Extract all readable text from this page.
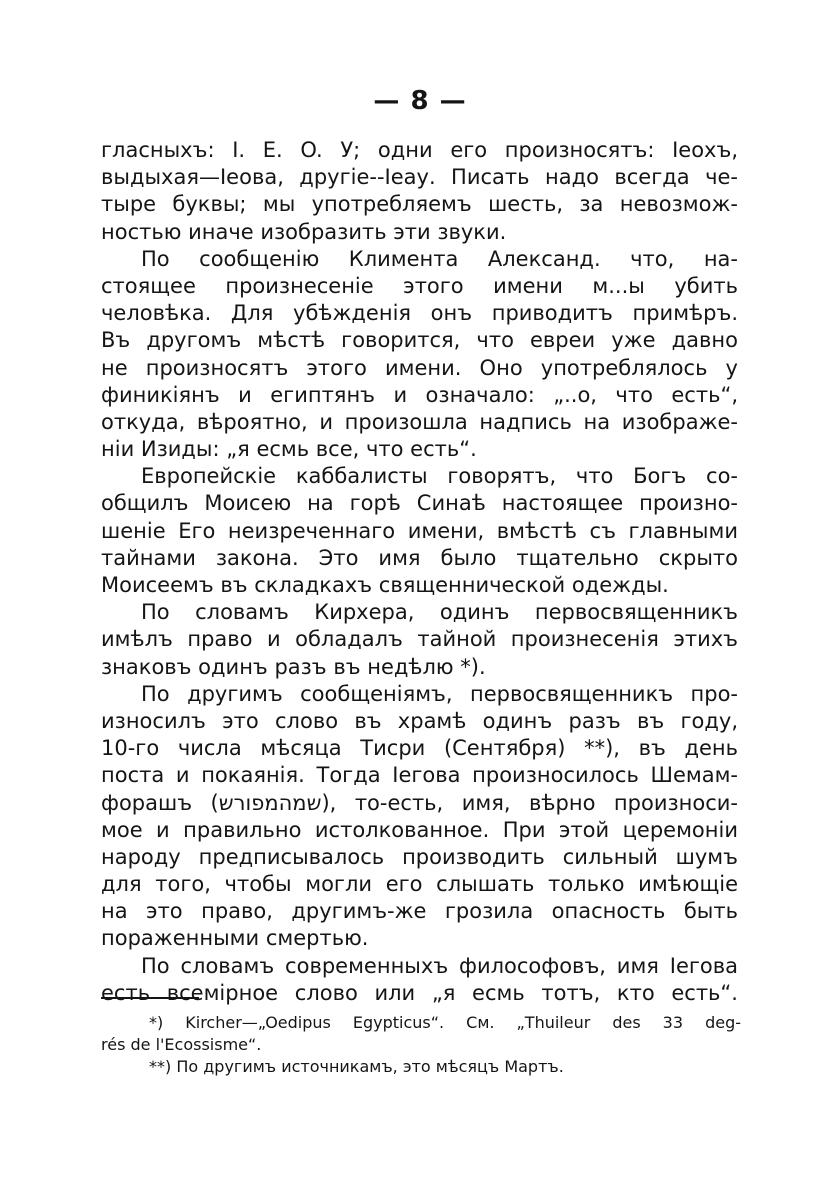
— 8 —
гласныхъ: I. E. O. У; одни его произносятъ: Іеохъ,
выдыхая—Іеова, другіе--Іеау. Писать надо всегда че-
тыре буквы; мы употребляемъ шесть, за невозмож-
ностью иначе изобразить эти звуки.
По сообщенію Климента Александ. что, на-
стоящее произнесеніе этого имени м...ы убить
человѣка. Для убѣжденія онъ приводитъ примѣръ.
Въ другомъ мѣстѣ говорится, что евреи уже давно
не произносятъ этого имени. Оно употреблялось у
финикіянъ и египтянъ и означало: „..о, что есть“,
откуда, вѣроятно, и произошла надпись на изображе-
ніи Изиды: „я есмь все, что есть“.
Европейскіе каббалисты говорятъ, что Богъ со-
общилъ Моисею на горѣ Синаѣ настоящее произно-
шеніе Его неизреченнаго имени, вмѣстѣ съ главными
тайнами закона. Это имя было тщательно скрыто
Моисеемъ въ складкахъ священнической одежды.
По словамъ Кирхера, одинъ первосвященникъ
имѣлъ право и обладалъ тайной произнесенія этихъ
знаковъ одинъ разъ въ недѣлю *).
По другимъ сообщеніямъ, первосвященникъ про-
износилъ это слово въ храмѣ одинъ разъ въ году,
10-го числа мѣсяца Тисри (Сентября) **), въ день
поста и покаянія. Тогда Іегова произносилось Шемам-
форашъ (שמהמפורש), то-есть, имя, вѣрно произноси-
мое и правильно истолкованное. При этой церемоніи
народу предписывалось производить сильный шумъ
для того, чтобы могли его слышать только имѣющіе
на это право, другимъ-же грозила опасность быть
пораженными смертью.
По словамъ современныхъ философовъ, имя Іегова
есть всемірное слово или „я есмь тотъ, кто есть“.
*) Kircher—„Oedipus Egypticus“. См. „Thuileur des 33 deg-
rés de l'Ecossisme“.
**) По другимъ источникамъ, это мѣсяцъ Мартъ.
